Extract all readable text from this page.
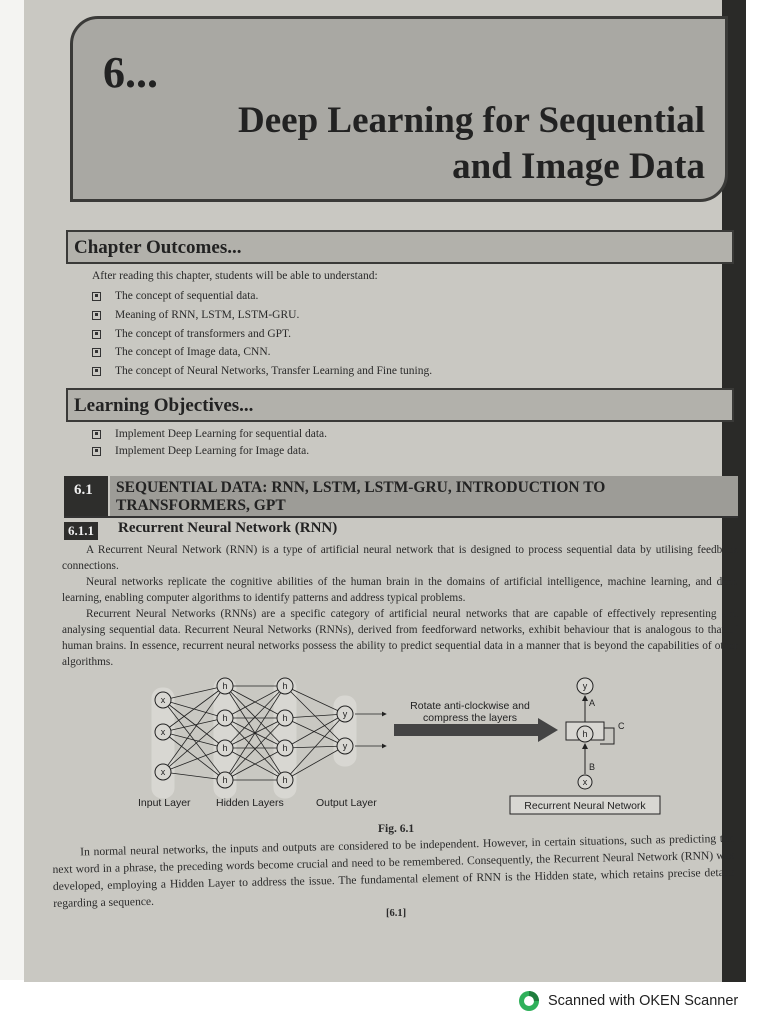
6...
Deep Learning for Sequential
and Image Data
Chapter Outcomes...
After reading this chapter, students will be able to understand:
The concept of sequential data.
Meaning of RNN, LSTM, LSTM-GRU.
The concept of transformers and GPT.
The concept of Image data, CNN.
The concept of Neural Networks, Transfer Learning and Fine tuning.
Learning Objectives...
Implement Deep Learning for sequential data.
Implement Deep Learning for Image data.
6.1	SEQUENTIAL DATA: RNN, LSTM, LSTM-GRU, INTRODUCTION TO
TRANSFORMERS, GPT
6.1.1 Recurrent Neural Network (RNN)

A Recurrent Neural Network (RNN) is a type of artificial neural network that is designed to process sequential data by utilising feedback connections.

Neural networks replicate the cognitive abilities of the human brain in the domains of artificial intelligence, machine learning, and deep learning, enabling computer algorithms to identify patterns and address typical problems.

Recurrent Neural Networks (RNNs) are a specific category of artificial neural networks that are capable of effectively representing and analysing sequential data. Recurrent Neural Networks (RNNs), derived from feedforward networks, exhibit behaviour that is analogous to that of human brains. In essence, recurrent neural networks possess the ability to predict sequential data in a manner that is beyond the capabilities of other algorithms.

x
x
x
h
h
h
h
h
h
h
h
y
y
Input Layer Hidden Layers	Output Layer
Rotate anti-clockwise and
compress the layers
y
A
h
C
B
x
Recurrent Neural Network
Fig. 6.1

In normal neural networks, the inputs and outputs are considered to be independent. However, in certain situations, such as predicting the next word in a phrase, the preceding words become crucial and need to be remembered. Consequently, the Recurrent Neural Network (RNN) was developed, employing a Hidden Layer to address the issue. The fundamental element of RNN is the Hidden state, which retains precise details regarding a sequence.

[6.1]
Scanned with OKEN Scanner
